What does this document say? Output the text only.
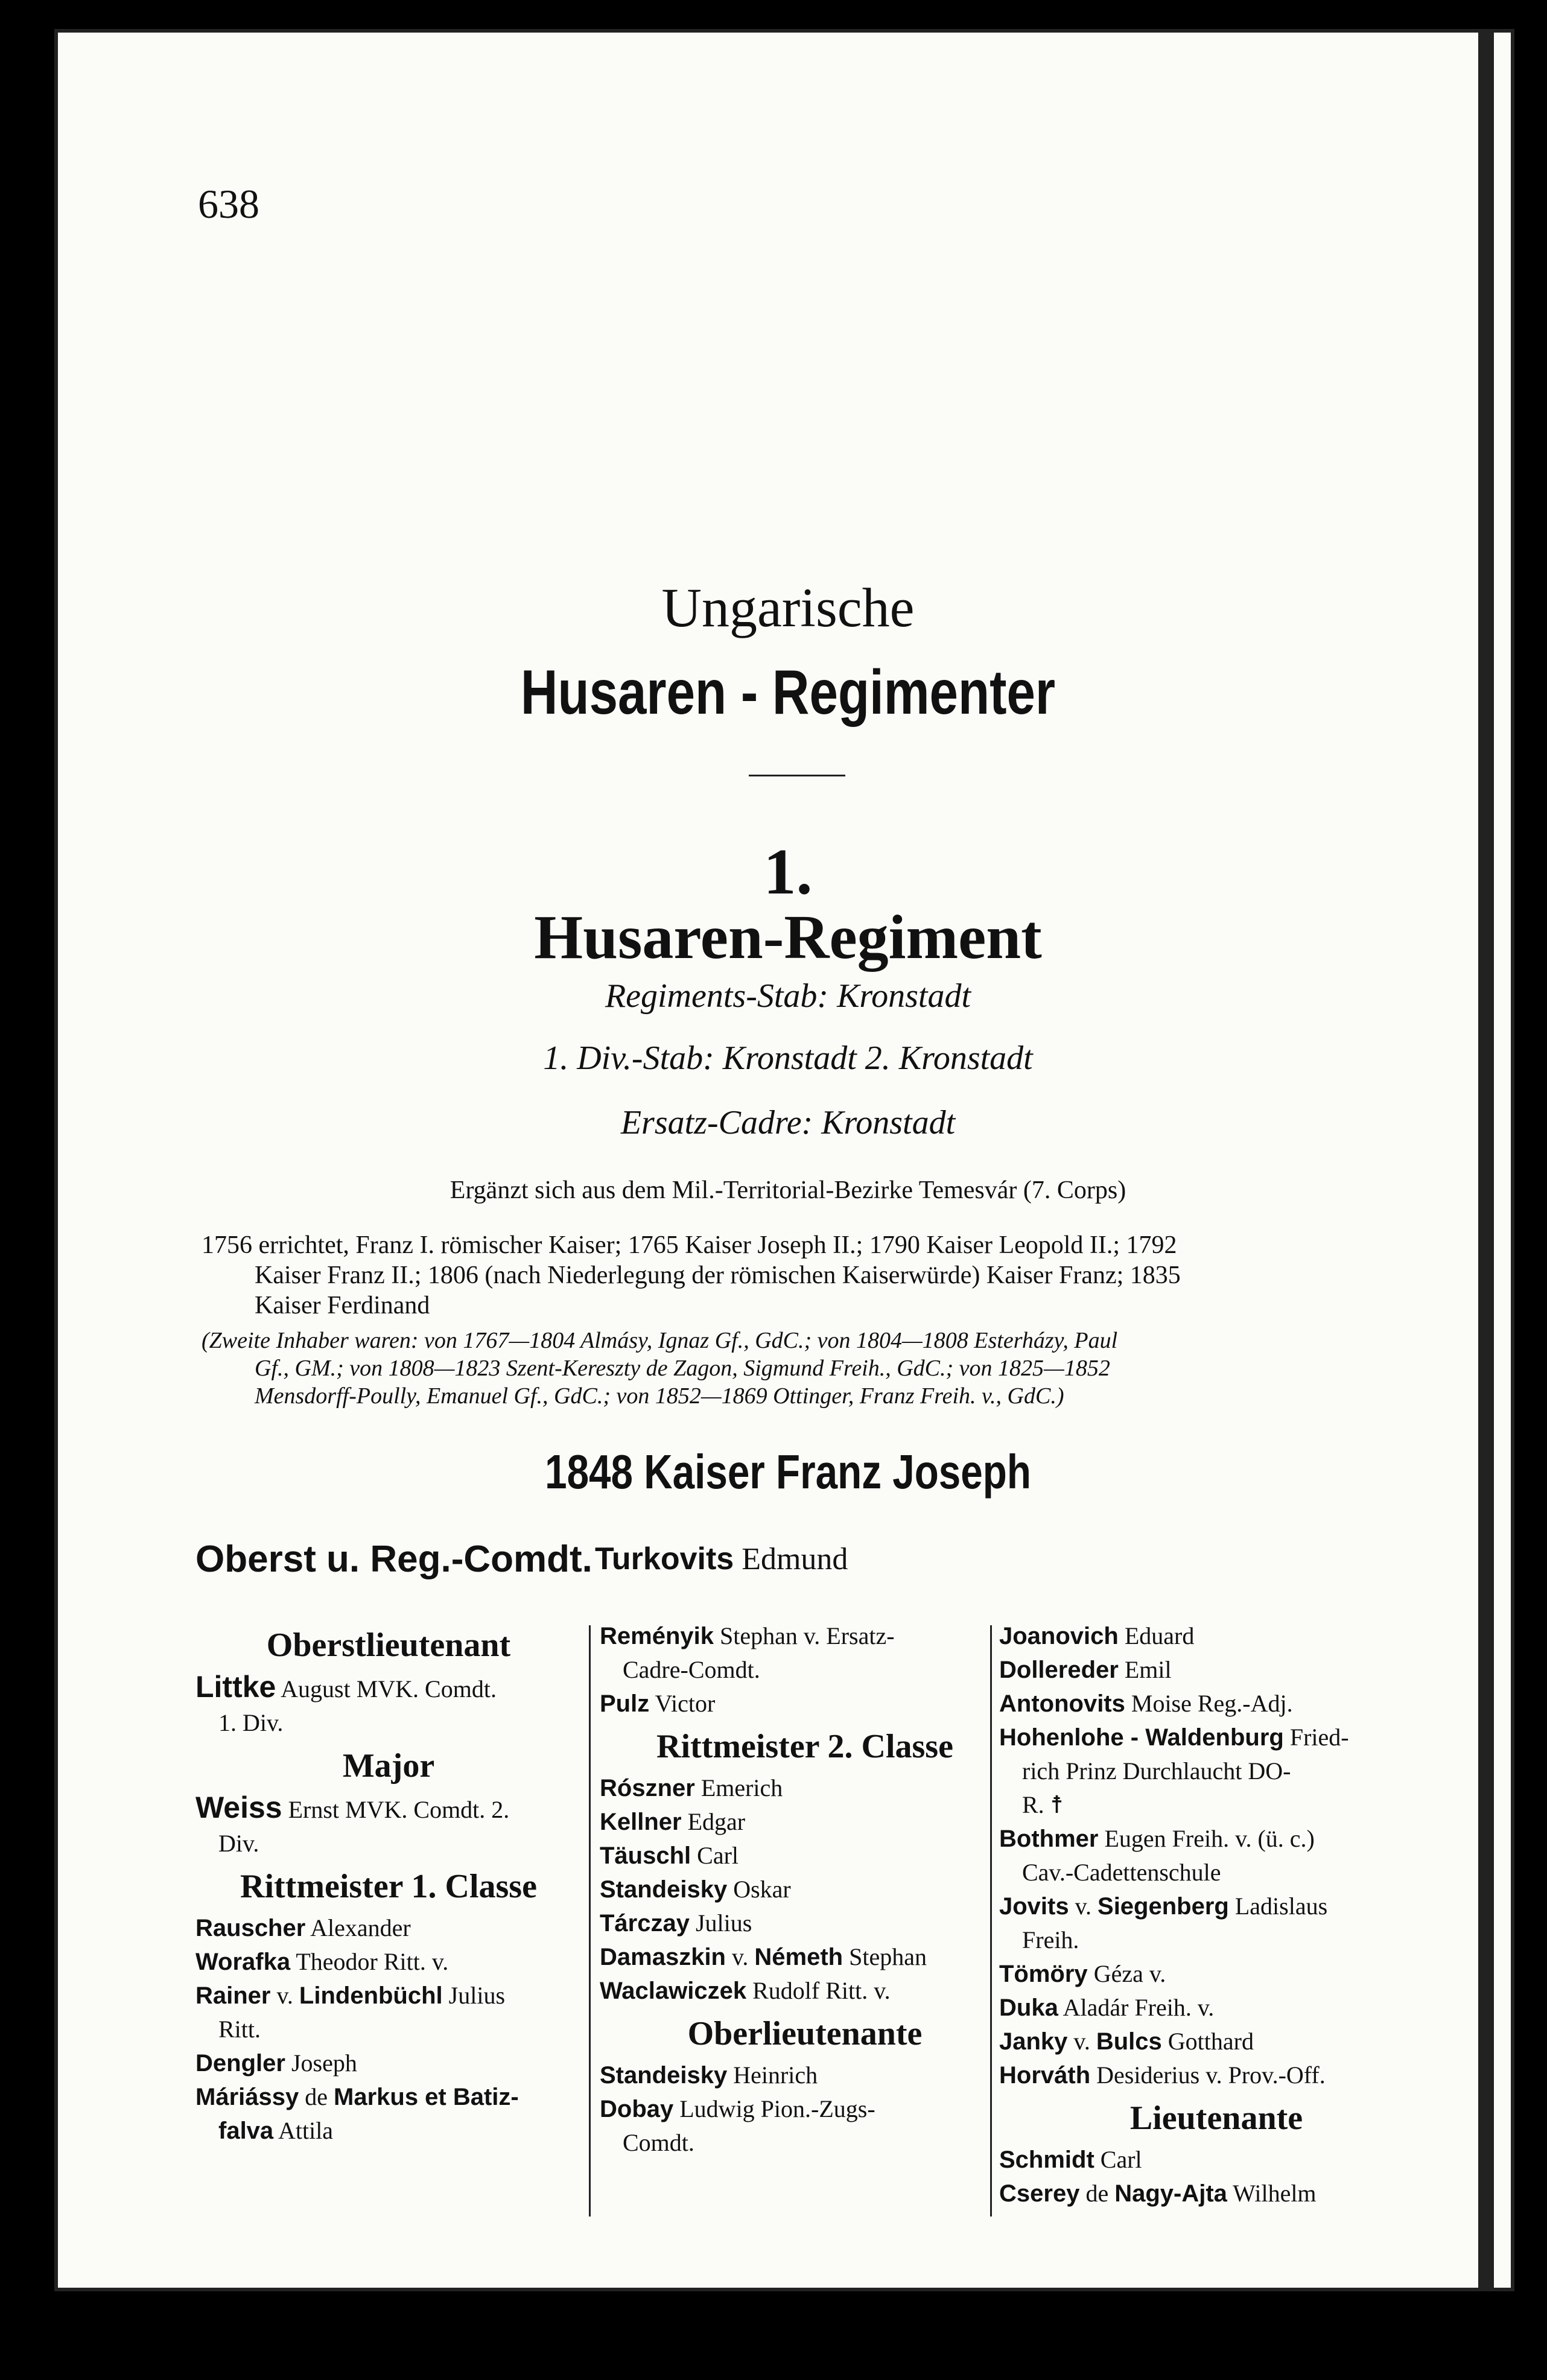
638
Ungarische
Husaren - Regimenter
1.
Husaren-Regiment
Regiments-Stab: Kronstadt
1. Div.-Stab: Kronstadt 2. Kronstadt
Ersatz-Cadre: Kronstadt
Ergänzt sich aus dem Mil.-Territorial-Bezirke Temesvár (7. Corps)
1756 errichtet, Franz I. römischer Kaiser; 1765 Kaiser Joseph II.; 1790 Kaiser Leopold II.; 1792
Kaiser Franz II.; 1806 (nach Niederlegung der römischen Kaiserwürde) Kaiser Franz; 1835
Kaiser Ferdinand
(Zweite Inhaber waren: von 1767—1804 Almásy, Ignaz Gf., GdC.; von 1804—1808 Esterházy, Paul
Gf., GM.; von 1808—1823 Szent-Kereszty de Zagon, Sigmund Freih., GdC.; von 1825—1852
Mensdorff-Poully, Emanuel Gf., GdC.; von 1852—1869 Ottinger, Franz Freih. v., GdC.)
1848 Kaiser Franz Joseph
Oberst u. Reg.-Comdt. Turkovits Edmund
Oberstlieutenant
Littke August MVK. Comdt.
1. Div.
Major
Weiss Ernst MVK. Comdt. 2.
Div.
Rittmeister 1. Classe
Rauscher Alexander
Worafka Theodor Ritt. v.
Rainer v. Lindenbüchl Julius
Ritt.
Dengler Joseph
Máriássy de Markus et Batiz-
falva Attila
Reményik Stephan v. Ersatz-
Cadre-Comdt.
Pulz Victor
Rittmeister 2. Classe
Rószner Emerich
Kellner Edgar
Täuschl Carl
Standeisky Oskar
Tárczay Julius
Damaszkin v. Németh Stephan
Waclawiczek Rudolf Ritt. v.
Oberlieutenante
Standeisky Heinrich
Dobay Ludwig Pion.-Zugs-
Comdt.
Joanovich Eduard
Dollereder Emil
Antonovits Moise Reg.-Adj.
Hohenlohe - Waldenburg Fried-
rich Prinz Durchlaucht DO-
R. ☨
Bothmer Eugen Freih. v. (ü. c.)
Cav.-Cadettenschule
Jovits v. Siegenberg Ladislaus
Freih.
Tömöry Géza v.
Duka Aladár Freih. v.
Janky v. Bulcs Gotthard
Horváth Desiderius v. Prov.-Off.
Lieutenante
Schmidt Carl
Cserey de Nagy-Ajta Wilhelm
